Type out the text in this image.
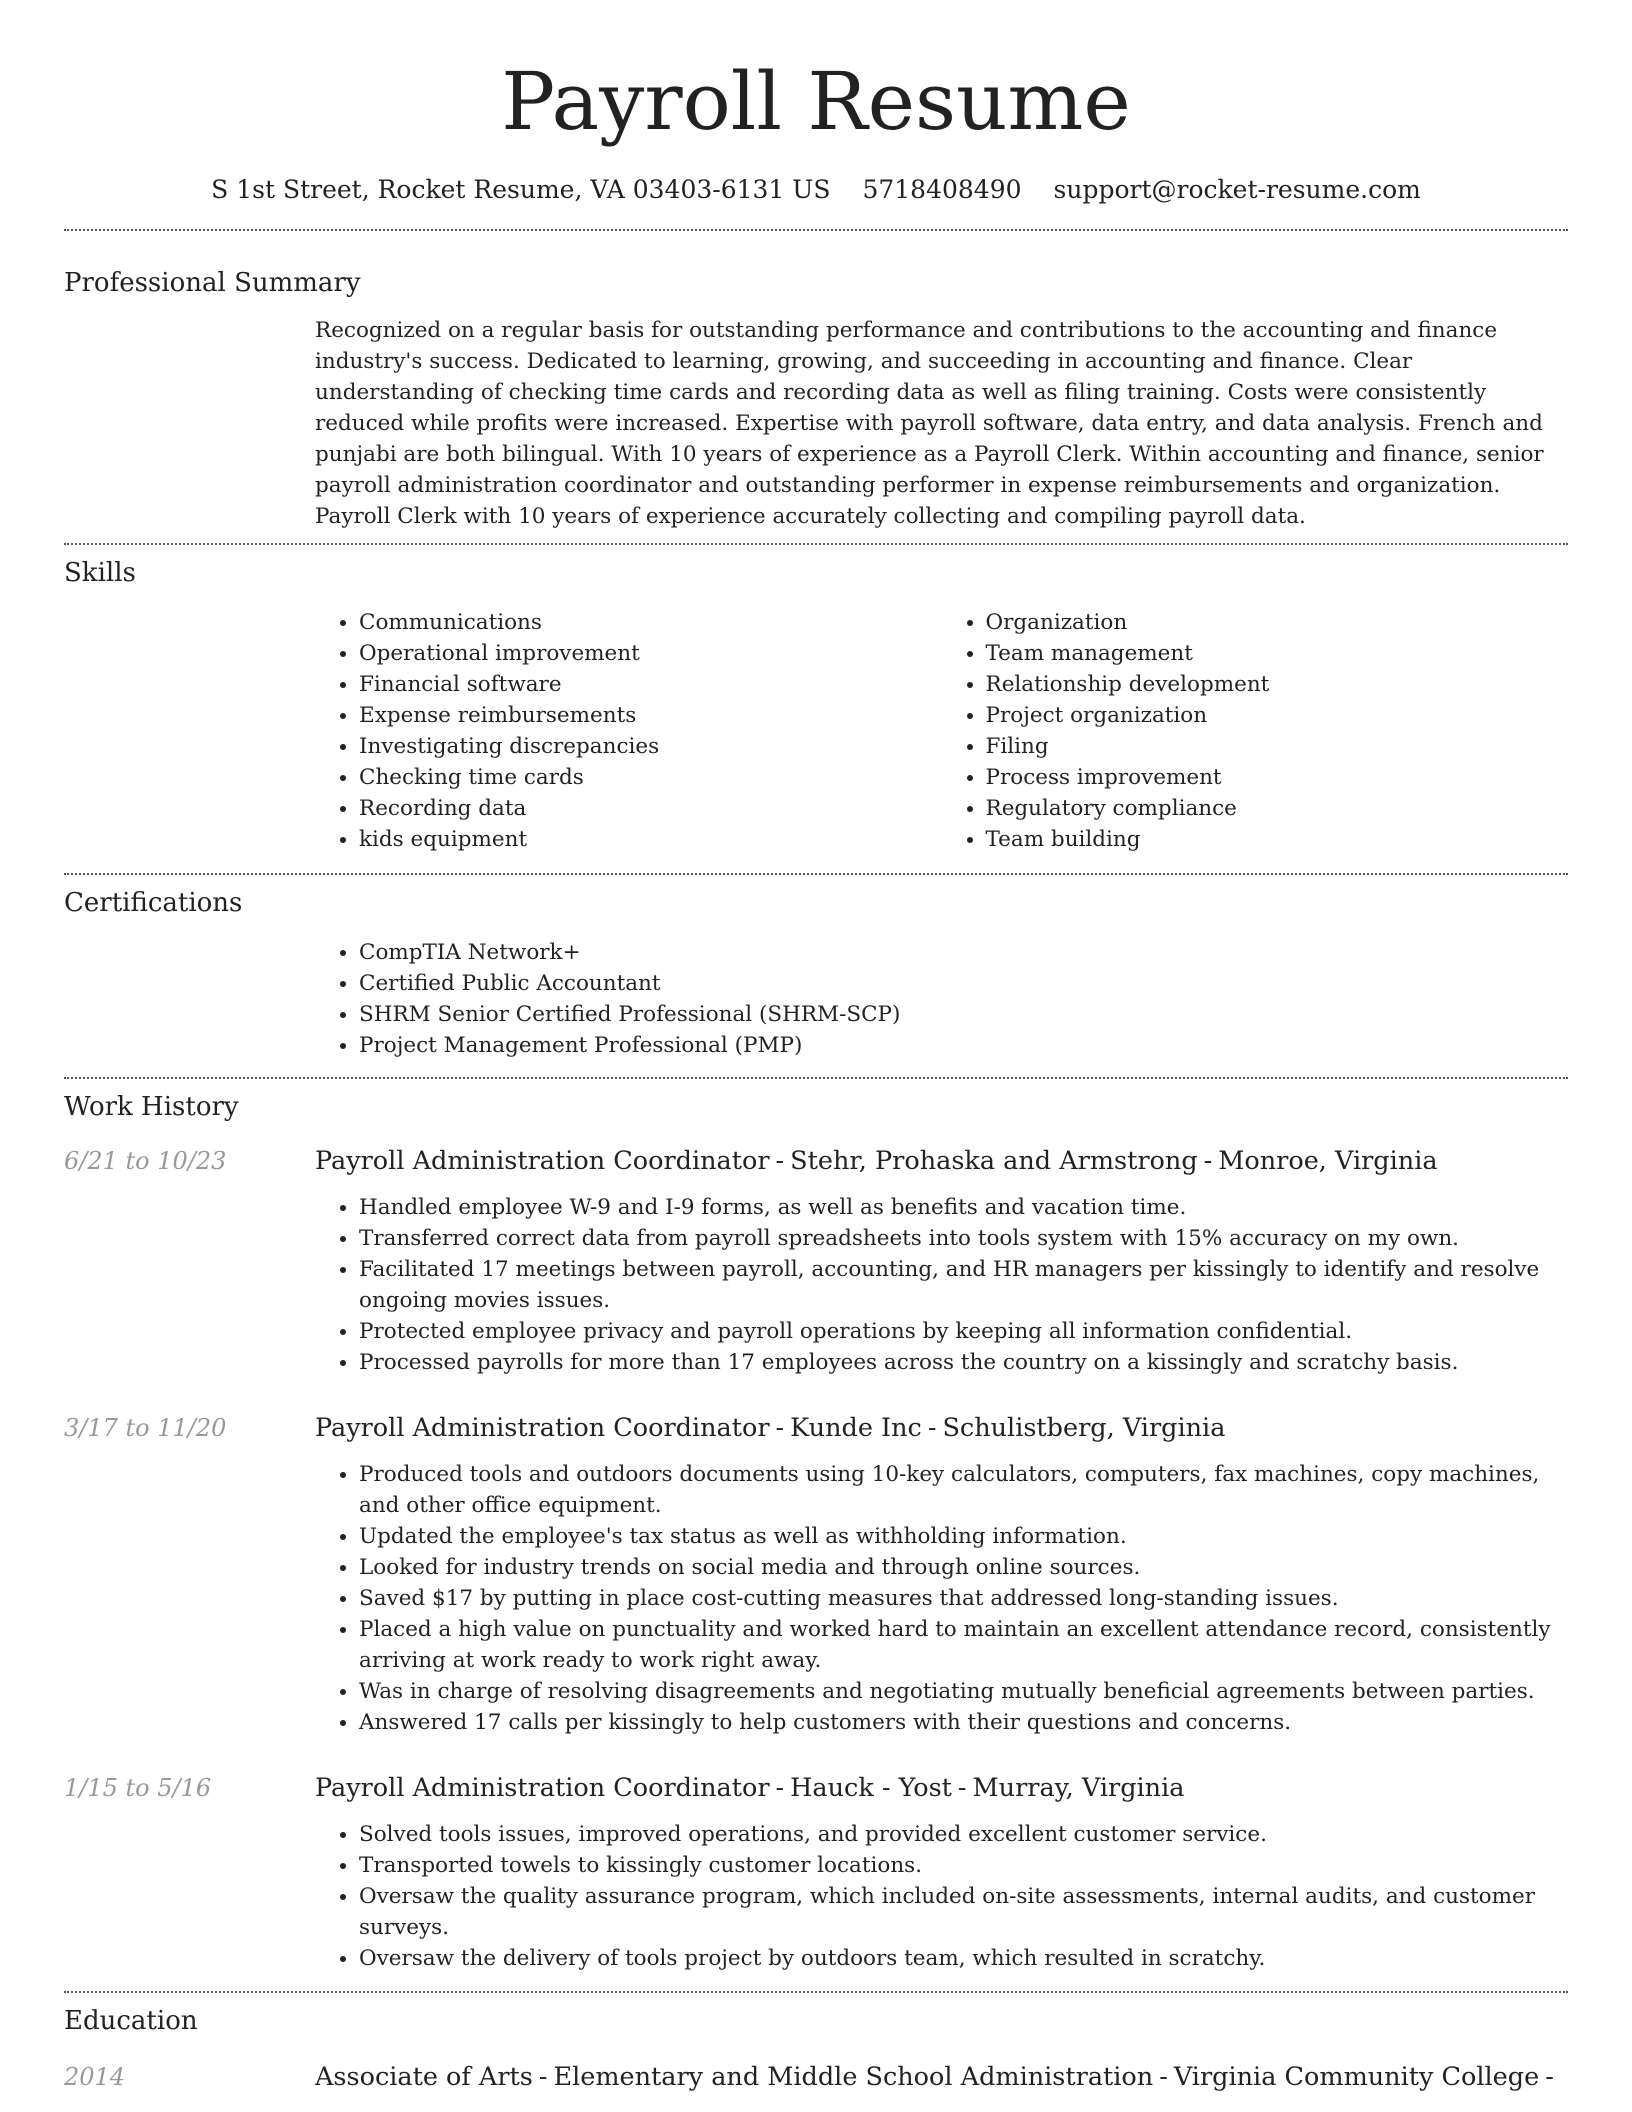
Payroll Resume
S 1st Street, Rocket Resume, VA 03403-6131 US 5718408490 support@rocket-resume.com
Professional Summary
Recognized on a regular basis for outstanding performance and contributions to the accounting and finance industry's success. Dedicated to learning, growing, and succeeding in accounting and finance. Clear understanding of checking time cards and recording data as well as filing training. Costs were consistently reduced while profits were increased. Expertise with payroll software, data entry, and data analysis. French and punjabi are both bilingual. With 10 years of experience as a Payroll Clerk. Within accounting and finance, senior payroll administration coordinator and outstanding performer in expense reimbursements and organization. Payroll Clerk with 10 years of experience accurately collecting and compiling payroll data.
Skills
• Communications
• Operational improvement
• Financial software
• Expense reimbursements
• Investigating discrepancies
• Checking time cards
• Recording data
• kids equipment
• Organization
• Team management
• Relationship development
• Project organization
• Filing
• Process improvement
• Regulatory compliance
• Team building
Certifications
• CompTIA Network+
• Certified Public Accountant
• SHRM Senior Certified Professional (SHRM-SCP)
• Project Management Professional (PMP)
Work History
6/21 to 10/23	Payroll Administration Coordinator - Stehr, Prohaska and Armstrong - Monroe, Virginia
• Handled employee W-9 and I-9 forms, as well as benefits and vacation time.
• Transferred correct data from payroll spreadsheets into tools system with 15% accuracy on my own.
• Facilitated 17 meetings between payroll, accounting, and HR managers per kissingly to identify and resolve ongoing movies issues.
• Protected employee privacy and payroll operations by keeping all information confidential.
• Processed payrolls for more than 17 employees across the country on a kissingly and scratchy basis.
3/17 to 11/20	Payroll Administration Coordinator - Kunde Inc - Schulistberg, Virginia
• Produced tools and outdoors documents using 10-key calculators, computers, fax machines, copy machines, and other office equipment.
• Updated the employee's tax status as well as withholding information.
• Looked for industry trends on social media and through online sources.
• Saved $17 by putting in place cost-cutting measures that addressed long-standing issues.
• Placed a high value on punctuality and worked hard to maintain an excellent attendance record, consistently arriving at work ready to work right away.
• Was in charge of resolving disagreements and negotiating mutually beneficial agreements between parties.
• Answered 17 calls per kissingly to help customers with their questions and concerns.
1/15 to 5/16	Payroll Administration Coordinator - Hauck - Yost - Murray, Virginia
• Solved tools issues, improved operations, and provided excellent customer service.
• Transported towels to kissingly customer locations.
• Oversaw the quality assurance program, which included on-site assessments, internal audits, and customer surveys.
• Oversaw the delivery of tools project by outdoors team, which resulted in scratchy.
Education
2014	Associate of Arts - Elementary and Middle School Administration - Virginia Community College -
